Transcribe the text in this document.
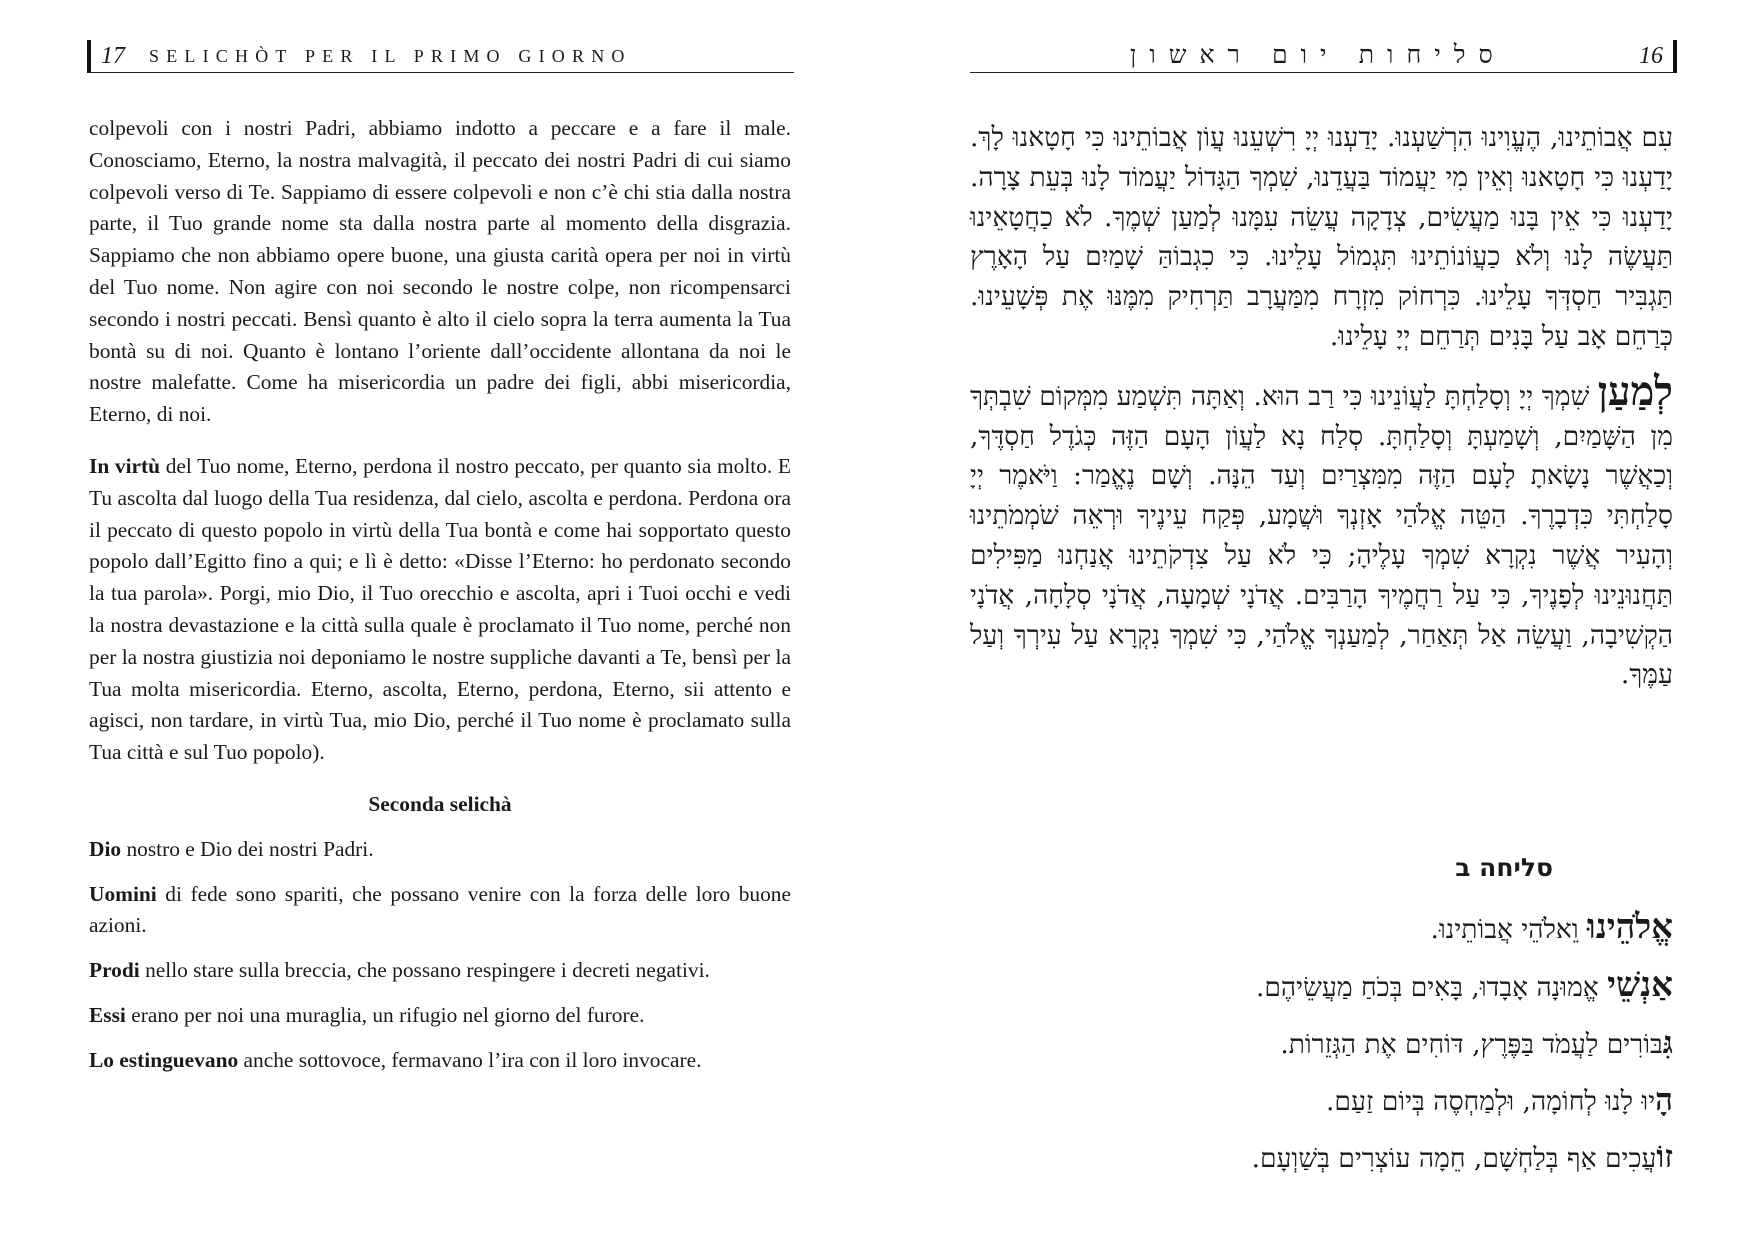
17	SELICHÒT PER IL PRIMO GIORNO

colpevoli con i nostri Padri, abbiamo indotto a peccare e a fare il male. Conosciamo, Eterno, la nostra malvagità, il peccato dei nostri Padri di cui siamo colpevoli verso di Te. Sappiamo di essere colpevoli e non c’è chi stia dalla nostra parte, il Tuo grande nome sta dalla nostra parte al momento della disgrazia. Sappiamo che non abbiamo opere buone, una giusta carità opera per noi in virtù del Tuo nome. Non agire con noi secondo le nostre colpe, non ricompensarci secondo i nostri peccati. Bensì quanto è alto il cielo sopra la terra aumenta la Tua bontà su di noi. Quanto è lontano l’oriente dall’occidente allontana da noi le nostre malefatte. Come ha misericordia un padre dei figli, abbi misericordia, Eterno, di noi.

In virtù del Tuo nome, Eterno, perdona il nostro peccato, per quanto sia molto. E Tu ascolta dal luogo della Tua residenza, dal cielo, ascolta e perdona. Perdona ora il peccato di questo popolo in virtù della Tua bontà e come hai sopportato questo popolo dall’Egitto fino a qui; e lì è detto: «Disse l’Eterno: ho perdonato secondo la tua parola». Porgi, mio Dio, il Tuo orecchio e ascolta, apri i Tuoi occhi e vedi la nostra devastazione e la città sulla quale è proclamato il Tuo nome, perché non per la nostra giustizia noi deponiamo le nostre suppliche davanti a Te, bensì per la Tua molta misericordia. Eterno, ascolta, Eterno, perdona, Eterno, sii attento e agisci, non tardare, in virtù Tua, mio Dio, perché il Tuo nome è proclamato sulla Tua città e sul Tuo popolo).

Seconda selichà

Dio nostro e Dio dei nostri Padri.

Uomini di fede sono spariti, che possano venire con la forza delle loro buone azioni.

Prodi nello stare sulla breccia, che possano respingere i decreti negativi.

Essi erano per noi una muraglia, un rifugio nel giorno del furore.

Lo estinguevano anche sottovoce, fermavano l’ira con il loro invocare.

סליחות יום ראשון	16

עִם אֲבוֹתֵינוּ, הֶעֱוִינוּ הִרְשַׁעְנוּ. יָדַעְנוּ יְיָ רִשְׁעֵנוּ עֲוֹן אֲבוֹתֵינוּ כִּי חָטָאנוּ לָךְ. יָדַעְנוּ כִּי חָטָאנוּ וְאֵין מִי יַעֲמוֹד בַּעֲדֵנוּ, שִׁמְךָ הַגָּדוֹל יַעֲמוֹד לָנוּ בְּעֵת צָרָה. יָדַעְנוּ כִּי אֵין בָּנוּ מַעֲשִׂים, צְדָקָה עֲשֵׂה עִמָּנוּ לְמַעַן שְׁמֶךָ. לֹא כַחֲטָאֵינוּ תַּעֲשֶׂה לָנוּ וְלֹא כַעֲוֹנוֹתֵינוּ תִּגְמוֹל עָלֵינוּ. כִּי כִגְבוֹהַּ שָׁמַיִם עַל הָאָרֶץ תַּגְבִּיר חַסְדְּךָ עָלֵינוּ. כִּרְחוֹק מִזְרָח מִמַּעֲרָב תַּרְחִיק מִמֶּנּוּ אֶת פְּשָׁעֵינוּ. כְּרַחֵם אָב עַל בָּנִים תְּרַחֵם יְיָ עָלֵינוּ.

לְמַעַן שִׁמְךָ יְיָ וְסָלַחְתָּ לַעֲוֹנֵינוּ כִּי רַב הוּא. וְאַתָּה תִּשְׁמַע מִמְּקוֹם שִׁבְתְּךָ מִן הַשָּׁמַיִם, וְשָׁמַעְתָּ וְסָלַחְתָּ. סְלַח נָא לַעֲוֹן הָעָם הַזֶּה כְּגֹדֶל חַסְדֶּךָ, וְכַאֲשֶׁר נָשָׂאתָ לָעָם הַזֶּה מִמִּצְרַיִם וְעַד הֵנָּה. וְשָׁם נֶאֱמַר: וַיֹּאמֶר יְיָ סָלַחְתִּי כִּדְבָרֶךָ. הַטֵּה אֱלֹהַי אָזְנְךָ וּשֲׁמָע, פְּקַח עֵינֶיךָ וּרְאֵה שֹׁמְמֹתֵינוּ וְהָעִיר אֲשֶׁר נִקְרָא שִׁמְךָ עָלֶיהָ; כִּי לֹא עַל צִדְקֹתֵינוּ אֲנַחְנוּ מַפִּילִים תַּחֲנוּנֵינוּ לְפָנֶיךָ, כִּי עַל רַחֲמֶיךָ הָרַבִּים. אֲדֹנָי שְׁמָעָה, אֲדֹנָי סְלָחָה, אֲדֹנָי הַקְשִׁיבָה, וַעֲשֵׂה אַל תְּאַחַר, לְמַעַנְךָ אֱלֹהַי, כִּי שִׁמְךָ נִקְרָא עַל עִירְךָ וְעַל עַמֶּךָ.

סליחה ב

אֱלֹהֵינוּ וֵאלֹהֵי אֲבוֹתֵינוּ.

אַנְשֵׁי אֱמוּנָה אָבָדוּ, בָּאִים בְּכֹחַ מַעֲשֵׂיהֶם.

גִּבּוֹרִים לַעֲמֹד בַּפֶּרֶץ, דּוֹחִים אֶת הַגְּזֵרוֹת.

הָיוּ לָנוּ לְחוֹמָה, וּלְמַחְסֶה בְּיוֹם זַעַם.

זוֹעֲכִים אַף בְּלַחְשָׁם, חֵמָה עוֹצְרִים בְּשַׁוְעָם.
